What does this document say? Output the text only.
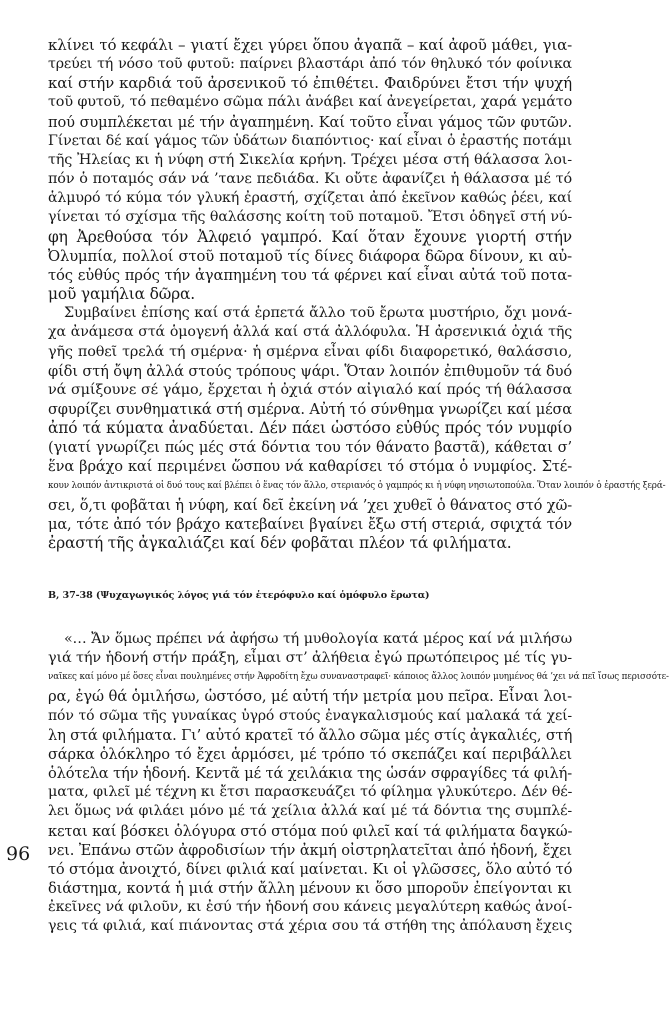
κλίνει τό κεφάλι – γιατί ἔχει γύρει ὅπου ἀγαπᾶ – καί ἀφοῦ μάθει, για-
τρεύει τή νόσο τοῦ φυτοῦ: παίρνει βλαστάρι ἀπό τόν θηλυκό τόν φοίνικα
καί στήν καρδιά τοῦ ἀρσενικοῦ τό ἐπιθέτει. Φαιδρύνει ἔτσι τήν ψυχή
τοῦ φυτοῦ, τό πεθαμένο σῶμα πάλι ἀνάβει καί ἀνεγείρεται, χαρά γεμάτο
πού συμπλέκεται μέ τήν ἀγαπημένη. Καί τοῦτο εἶναι γάμος τῶν φυτῶν.
Γίνεται δέ καί γάμος τῶν ὑδάτων διαπόντιος· καί εἶναι ὁ ἐραστής ποτάμι
τῆς Ἠλείας κι ἡ νύφη στή Σικελία κρήνη. Τρέχει μέσα στή θάλασσα λοι-
πόν ὁ ποταμός σάν νά ’τανε πεδιάδα. Κι οὔτε ἀφανίζει ἡ θάλασσα μέ τό
ἁλμυρό τό κύμα τόν γλυκή ἐραστή, σχίζεται ἀπό ἐκεῖνον καθώς ῥέει, καί
γίνεται τό σχίσμα τῆς θαλάσσης κοίτη τοῦ ποταμοῦ. Ἔτσι ὁδηγεῖ στή νύ-
φη Ἀρεθούσα τόν Ἀλφειό γαμπρό. Καί ὅταν ἔχουνε γιορτή στήν
Ὀλυμπία, πολλοί στοῦ ποταμοῦ τίς δίνες διάφορα δῶρα δίνουν, κι αὐ-
τός εὐθύς πρός τήν ἀγαπημένη του τά φέρνει καί εἶναι αὐτά τοῦ ποτα-
μοῦ γαμήλια δῶρα.
Συμβαίνει ἐπίσης καί στά ἑρπετά ἄλλο τοῦ ἔρωτα μυστήριο, ὄχι μονά-
χα ἀνάμεσα στά ὁμογενή ἀλλά καί στά ἀλλόφυλα. Ἡ ἀρσενικιά ὀχιά τῆς
γῆς ποθεῖ τρελά τή σμέρνα· ἡ σμέρνα εἶναι φίδι διαφορετικό, θαλάσσιο,
φίδι στή ὄψη ἀλλά στούς τρόπους ψάρι. Ὅταν λοιπόν ἐπιθυμοῦν τά δυό
νά σμίξουνε σέ γάμο, ἔρχεται ἡ ὀχιά στόν αἰγιαλό καί πρός τή θάλασσα
σφυρίζει συνθηματικά στή σμέρνα. Αὐτή τό σύνθημα γνωρίζει καί μέσα
ἀπό τά κύματα ἀναδύεται. Δέν πάει ὡστόσο εὐθύς πρός τόν νυμφίο
(γιατί γνωρίζει πώς μές στά δόντια του τόν θάνατο βαστᾶ), κάθεται σ’
ἕνα βράχο καί περιμένει ὥσπου νά καθαρίσει τό στόμα ὁ νυμφίος. Στέ-
κουν λοιπόν ἀντικριστά οἱ δυό τους καί βλέπει ὁ ἕνας τόν ἄλλο, στεριανός ὁ γαμπρός κι ἡ νύφη νησιωτοπούλα. Ὅταν λοιπόν ὁ ἐραστής ξερά-
σει, ὅ,τι φοβᾶται ἡ νύφη, καί δεῖ ἐκείνη νά ’χει χυθεῖ ὁ θάνατος στό χῶ-
μα, τότε ἀπό τόν βράχο κατεβαίνει βγαίνει ἔξω στή στεριά, σφιχτά τόν
ἐραστή τῆς ἀγκαλιάζει καί δέν φοβᾶται πλέον τά φιλήματα.
Β, 37-38 (Ψυχαγωγικός λόγος γιά τόν ἑτερόφυλο καί ὁμόφυλο ἔρωτα)
«… Ἄν ὅμως πρέπει νά ἀφήσω τή μυθολογία κατά μέρος καί νά μιλήσω
γιά τήν ἡδονή στήν πράξη, εἶμαι στ’ ἀλήθεια ἐγώ πρωτόπειρος μέ τίς γυ-
ναῖκες καί μόνο μέ ὅσες εἶναι πουλημένες στήν Ἀφροδίτη ἔχω συναναστραφεῖ· κάποιος ἄλλος λοιπόν μυημένος θά ’χει νά πεῖ ἴσως περισσότε-
ρα, ἐγώ θά ὁμιλήσω, ὡστόσο, μέ αὐτή τήν μετρία μου πεῖρα. Εἶναι λοι-
πόν τό σῶμα τῆς γυναίκας ὑγρό στούς ἐναγκαλισμούς καί μαλακά τά χεί-
λη στά φιλήματα. Γι’ αὐτό κρατεῖ τό ἄλλο σῶμα μές στίς ἀγκαλιές, στή
σάρκα ὁλόκληρο τό ἔχει ἁρμόσει, μέ τρόπο τό σκεπάζει καί περιβάλλει
ὁλότελα τήν ἡδονή. Κεντᾶ μέ τά χειλάκια της ὡσάν σφραγίδες τά φιλή-
ματα, φιλεῖ μέ τέχνη κι ἔτσι παρασκευάζει τό φίλημα γλυκύτερο. Δέν θέ-
λει ὅμως νά φιλάει μόνο μέ τά χείλια ἀλλά καί μέ τά δόντια της συμπλέ-
κεται καί βόσκει ὁλόγυρα στό στόμα πού φιλεῖ καί τά φιλήματα δαγκώ-
νει. Ἐπάνω στῶν ἀφροδισίων τήν ἀκμή οἰστρηλατεῖται ἀπό ἡδονή, ἔχει
τό στόμα ἀνοιχτό, δίνει φιλιά καί μαίνεται. Κι οἱ γλῶσσες, ὅλο αὐτό τό
διάστημα, κοντά ἡ μιά στήν ἄλλη μένουν κι ὅσο μποροῦν ἐπείγονται κι
ἐκεῖνες νά φιλοῦν, κι ἐσύ τήν ἡδονή σου κάνεις μεγαλύτερη καθώς ἀνοί-
γεις τά φιλιά, καί πιάνοντας στά χέρια σου τά στήθη της ἀπόλαυση ἔχεις
96
